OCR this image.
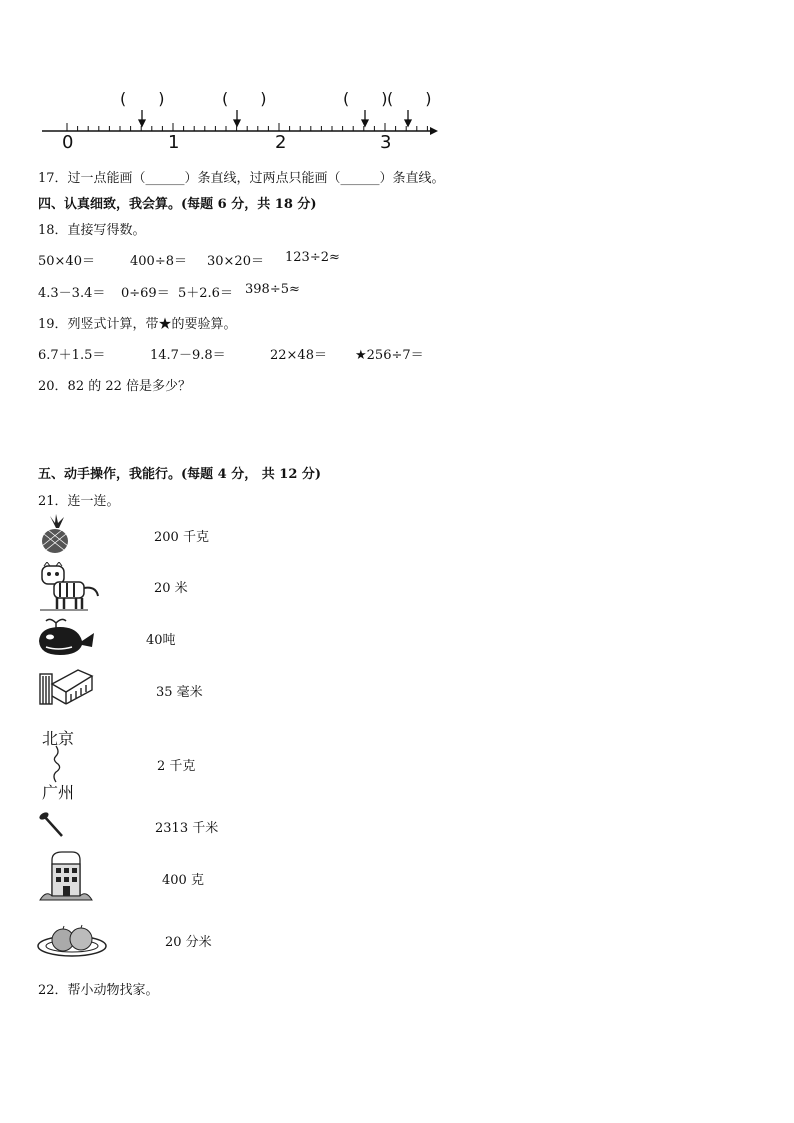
(　　)	(　　)	(　　) (　　)
0	1	2	3
17．过一点能画（______）条直线，过两点只能画（______）条直线。
四、认真细致，我会算。(每题 6 分，共 18 分)
18．直接写得数。
50×40＝	400÷8＝ 30×20＝ 123÷2≈
4.3－3.4＝ 0÷69＝ 5＋2.6＝ 398÷5≈
19．列竖式计算，带★的要验算。
6.7＋1.5＝	14.7－9.8＝	22×48＝ ★256÷7＝
20．82 的 22 倍是多少？
五、动手操作，我能行。(每题 4 分， 共 12 分)
21．连一连。
北京
广州
200 千克
20 米
40吨
35 毫米
2 千克
2313 千米
400 克
20 分米
22．帮小动物找家。
